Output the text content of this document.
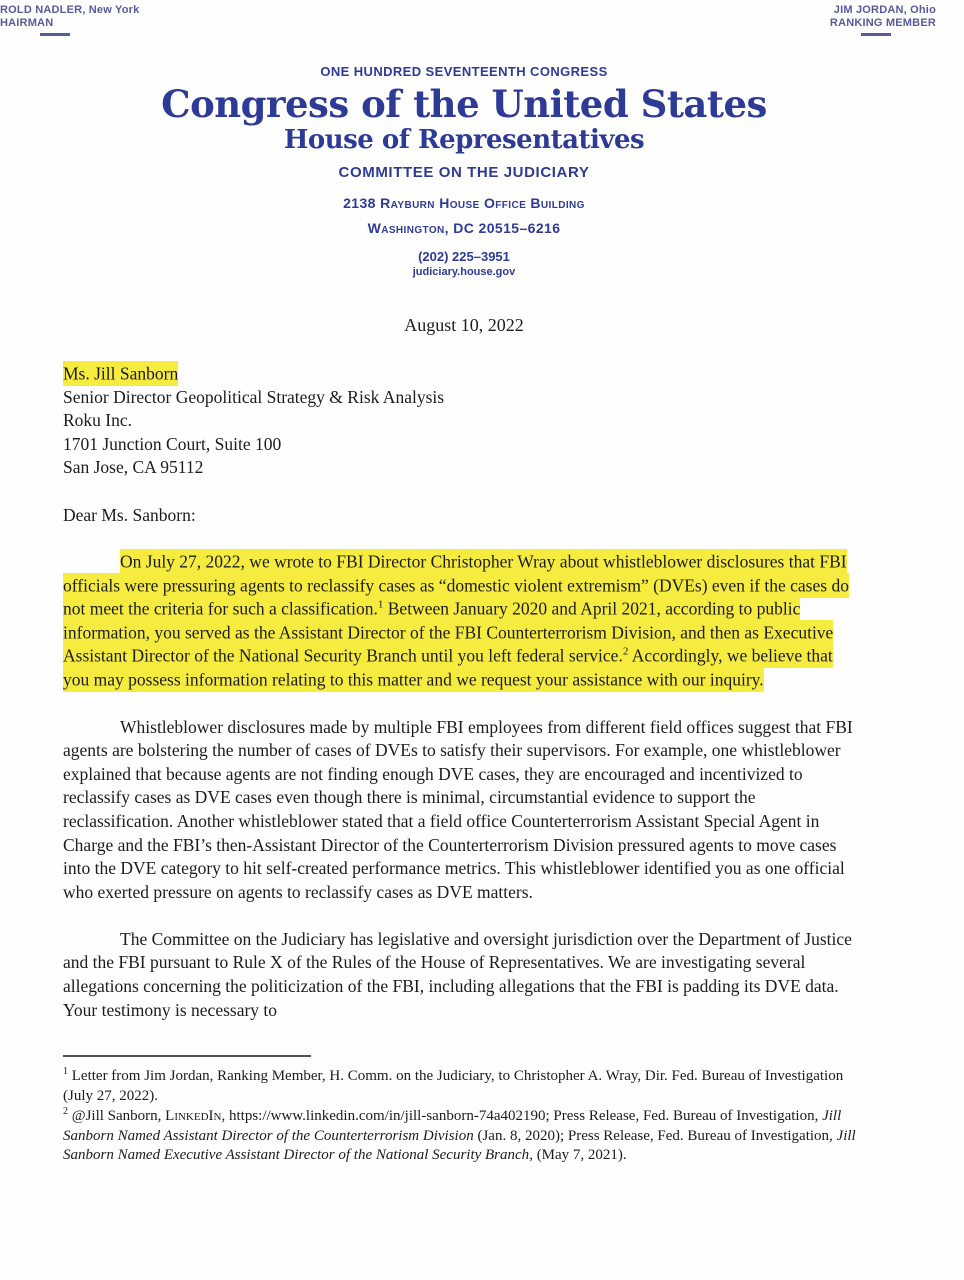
ROLD NADLER, New York
HAIRMAN
JIM JORDAN, Ohio
RANKING MEMBER
ONE HUNDRED SEVENTEENTH CONGRESS
Congress of the United States
House of Representatives
COMMITTEE ON THE JUDICIARY
2138 Rayburn House Office Building
Washington, DC 20515–6216
(202) 225–3951
judiciary.house.gov
August 10, 2022
Ms. Jill Sanborn
Senior Director Geopolitical Strategy & Risk Analysis
Roku Inc.
1701 Junction Court, Suite 100
San Jose, CA 95112
Dear Ms. Sanborn:

On July 27, 2022, we wrote to FBI Director Christopher Wray about whistleblower disclosures that FBI officials were pressuring agents to reclassify cases as “domestic violent extremism” (DVEs) even if the cases do not meet the criteria for such a classification.$^1$ Between January 2020 and April 2021, according to public information, you served as the Assistant Director of the FBI Counterterrorism Division, and then as Executive Assistant Director of the National Security Branch until you left federal service.$^2$ Accordingly, we believe that you may possess information relating to this matter and we request your assistance with our inquiry.

Whistleblower disclosures made by multiple FBI employees from different field offices suggest that FBI agents are bolstering the number of cases of DVEs to satisfy their supervisors. For example, one whistleblower explained that because agents are not finding enough DVE cases, they are encouraged and incentivized to reclassify cases as DVE cases even though there is minimal, circumstantial evidence to support the reclassification. Another whistleblower stated that a field office Counterterrorism Assistant Special Agent in Charge and the FBI’s then-Assistant Director of the Counterterrorism Division pressured agents to move cases into the DVE category to hit self-created performance metrics. This whistleblower identified you as one official who exerted pressure on agents to reclassify cases as DVE matters.

The Committee on the Judiciary has legislative and oversight jurisdiction over the Department of Justice and the FBI pursuant to Rule X of the Rules of the House of Representatives. We are investigating several allegations concerning the politicization of the FBI, including allegations that the FBI is padding its DVE data. Your testimony is necessary to

$^1$ Letter from Jim Jordan, Ranking Member, H. Comm. on the Judiciary, to Christopher A. Wray, Dir. Fed. Bureau of Investigation (July 27, 2022).
$^2$ @Jill Sanborn, LinkedIn, https://www.linkedin.com/in/jill-sanborn-74a402190; Press Release, Fed. Bureau of Investigation, Jill Sanborn Named Assistant Director of the Counterterrorism Division (Jan. 8, 2020); Press Release, Fed. Bureau of Investigation, Jill Sanborn Named Executive Assistant Director of the National Security Branch, (May 7, 2021).
